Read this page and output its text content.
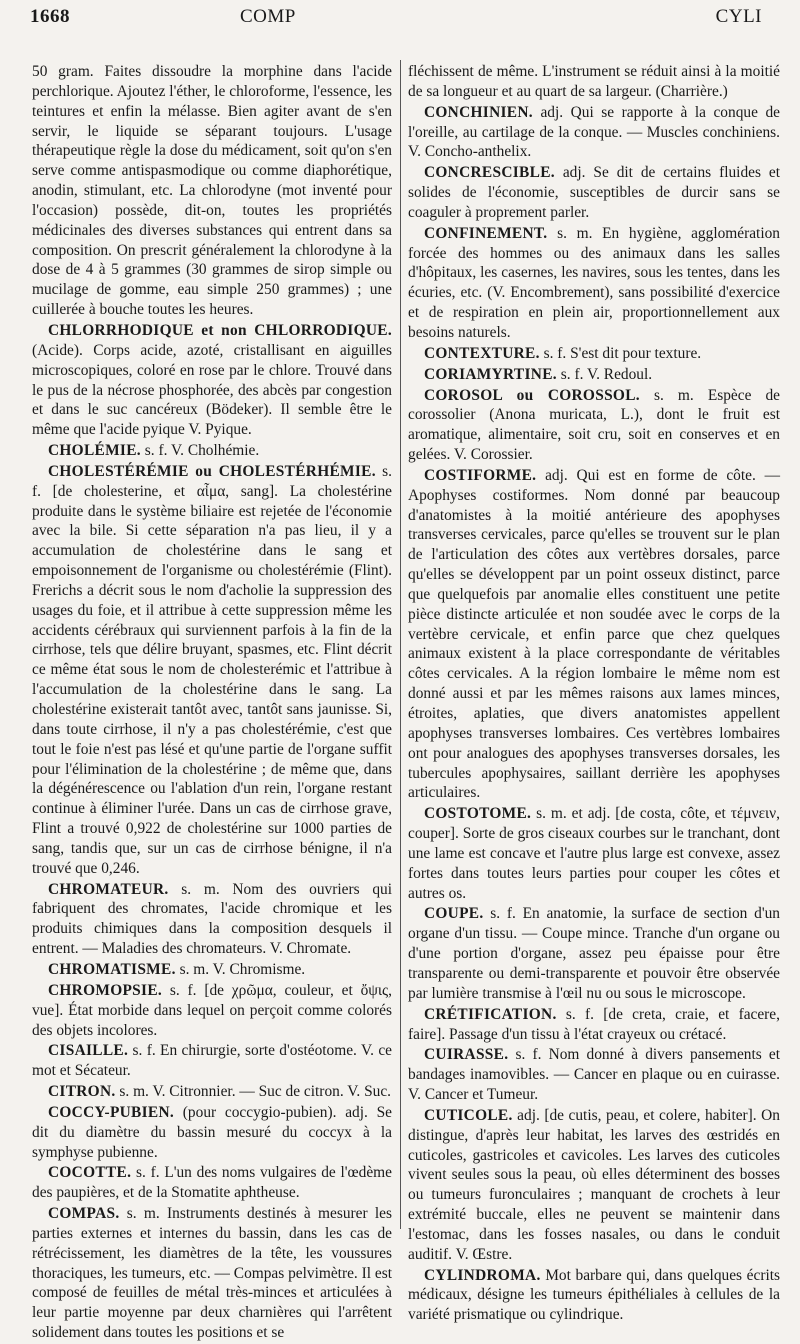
1668	COMP	CYLI

50 gram. Faites dissoudre la morphine dans l'acide perchlorique. Ajoutez l'éther, le chloroforme, l'essence, les teintures et enfin la mélasse. Bien agiter avant de s'en servir, le liquide se séparant toujours. L'usage thérapeutique règle la dose du médicament, soit qu'on s'en serve comme antispasmodique ou comme diaphorétique, anodin, stimulant, etc. La chlorodyne (mot inventé pour l'occasion) possède, dit-on, toutes les propriétés médicinales des diverses substances qui entrent dans sa composition. On prescrit généralement la chlorodyne à la dose de 4 à 5 grammes (30 grammes de sirop simple ou mucilage de gomme, eau simple 250 grammes) ; une cuillerée à bouche toutes les heures.

CHLORRHODIQUE et non CHLORRODIQUE. (Acide). Corps acide, azoté, cristallisant en aiguilles microscopiques, coloré en rose par le chlore. Trouvé dans le pus de la nécrose phosphorée, des abcès par congestion et dans le suc cancéreux (Bödeker). Il semble être le même que l'acide pyique V. Pyique.

CHOLÉMIE. s. f. V. Cholhémie.

CHOLESTÉRÉMIE ou CHOLESTÉRHÉMIE. s. f. [de cholesterine, et αἷμα, sang]. La cholestérine produite dans le système biliaire est rejetée de l'économie avec la bile. Si cette séparation n'a pas lieu, il y a accumulation de cholestérine dans le sang et empoisonnement de l'organisme ou cholestérémie (Flint). Frerichs a décrit sous le nom d'acholie la suppression des usages du foie, et il attribue à cette suppression même les accidents cérébraux qui surviennent parfois à la fin de la cirrhose, tels que délire bruyant, spasmes, etc. Flint décrit ce même état sous le nom de cholesterémic et l'attribue à l'accumulation de la cholestérine dans le sang. La cholestérine existerait tantôt avec, tantôt sans jaunisse. Si, dans toute cirrhose, il n'y a pas cholestérémie, c'est que tout le foie n'est pas lésé et qu'une partie de l'organe suffit pour l'élimination de la cholestérine ; de même que, dans la dégénérescence ou l'ablation d'un rein, l'organe restant continue à éliminer l'urée. Dans un cas de cirrhose grave, Flint a trouvé 0,922 de cholestérine sur 1000 parties de sang, tandis que, sur un cas de cirrhose bénigne, il n'a trouvé que 0,246.

CHROMATEUR. s. m. Nom des ouvriers qui fabriquent des chromates, l'acide chromique et les produits chimiques dans la composition desquels il entrent. — Maladies des chromateurs. V. Chromate.

CHROMATISME. s. m. V. Chromisme.

CHROMOPSIE. s. f. [de χρῶμα, couleur, et ὄψις, vue]. État morbide dans lequel on perçoit comme colorés des objets incolores.

CISAILLE. s. f. En chirurgie, sorte d'ostéotome. V. ce mot et Sécateur.

CITRON. s. m. V. Citronnier. — Suc de citron. V. Suc.

COCCY-PUBIEN. (pour coccygio-pubien). adj. Se dit du diamètre du bassin mesuré du coccyx à la symphyse pubienne.

COCOTTE. s. f. L'un des noms vulgaires de l'œdème des paupières, et de la Stomatite aphtheuse.

COMPAS. s. m. Instruments destinés à mesurer les parties externes et internes du bassin, dans les cas de rétrécissement, les diamètres de la tête, les voussures thoraciques, les tumeurs, etc. — Compas pelvimètre. Il est composé de feuilles de métal très-minces et articulées à leur partie moyenne par deux charnières qui l'arrêtent solidement dans toutes les positions et se

fléchissent de même. L'instrument se réduit ainsi à la moitié de sa longueur et au quart de sa largeur. (Charrière.)

CONCHINIEN. adj. Qui se rapporte à la conque de l'oreille, au cartilage de la conque. — Muscles conchiniens. V. Concho-anthelix.

CONCRESCIBLE. adj. Se dit de certains fluides et solides de l'économie, susceptibles de durcir sans se coaguler à proprement parler.

CONFINEMENT. s. m. En hygiène, agglomération forcée des hommes ou des animaux dans les salles d'hôpitaux, les casernes, les navires, sous les tentes, dans les écuries, etc. (V. Encombrement), sans possibilité d'exercice et de respiration en plein air, proportionnellement aux besoins naturels.

CONTEXTURE. s. f. S'est dit pour texture.

CORIAMYRTINE. s. f. V. Redoul.

COROSOL ou COROSSOL. s. m. Espèce de corossolier (Anona muricata, L.), dont le fruit est aromatique, alimentaire, soit cru, soit en conserves et en gelées. V. Corossier.

COSTIFORME. adj. Qui est en forme de côte. — Apophyses costiformes. Nom donné par beaucoup d'anatomistes à la moitié antérieure des apophyses transverses cervicales, parce qu'elles se trouvent sur le plan de l'articulation des côtes aux vertèbres dorsales, parce qu'elles se développent par un point osseux distinct, parce que quelquefois par anomalie elles constituent une petite pièce distincte articulée et non soudée avec le corps de la vertèbre cervicale, et enfin parce que chez quelques animaux existent à la place correspondante de véritables côtes cervicales. A la région lombaire le même nom est donné aussi et par les mêmes raisons aux lames minces, étroites, aplaties, que divers anatomistes appellent apophyses transverses lombaires. Ces vertèbres lombaires ont pour analogues des apophyses transverses dorsales, les tubercules apophysaires, saillant derrière les apophyses articulaires.

COSTOTOME. s. m. et adj. [de costa, côte, et τέμνειν, couper]. Sorte de gros ciseaux courbes sur le tranchant, dont une lame est concave et l'autre plus large est convexe, assez fortes dans toutes leurs parties pour couper les côtes et autres os.

COUPE. s. f. En anatomie, la surface de section d'un organe d'un tissu. — Coupe mince. Tranche d'un organe ou d'une portion d'organe, assez peu épaisse pour être transparente ou demi-transparente et pouvoir être observée par lumière transmise à l'œil nu ou sous le microscope.

CRÉTIFICATION. s. f. [de creta, craie, et facere, faire]. Passage d'un tissu à l'état crayeux ou crétacé.

CUIRASSE. s. f. Nom donné à divers pansements et bandages inamovibles. — Cancer en plaque ou en cuirasse. V. Cancer et Tumeur.

CUTICOLE. adj. [de cutis, peau, et colere, habiter]. On distingue, d'après leur habitat, les larves des œstridés en cuticoles, gastricoles et cavicoles. Les larves des cuticoles vivent seules sous la peau, où elles déterminent des bosses ou tumeurs furonculaires ; manquant de crochets à leur extrémité buccale, elles ne peuvent se maintenir dans l'estomac, dans les fosses nasales, ou dans le conduit auditif. V. Œstre.

CYLINDROMA. Mot barbare qui, dans quelques écrits médicaux, désigne les tumeurs épithéliales à cellules de la variété prismatique ou cylindrique.
